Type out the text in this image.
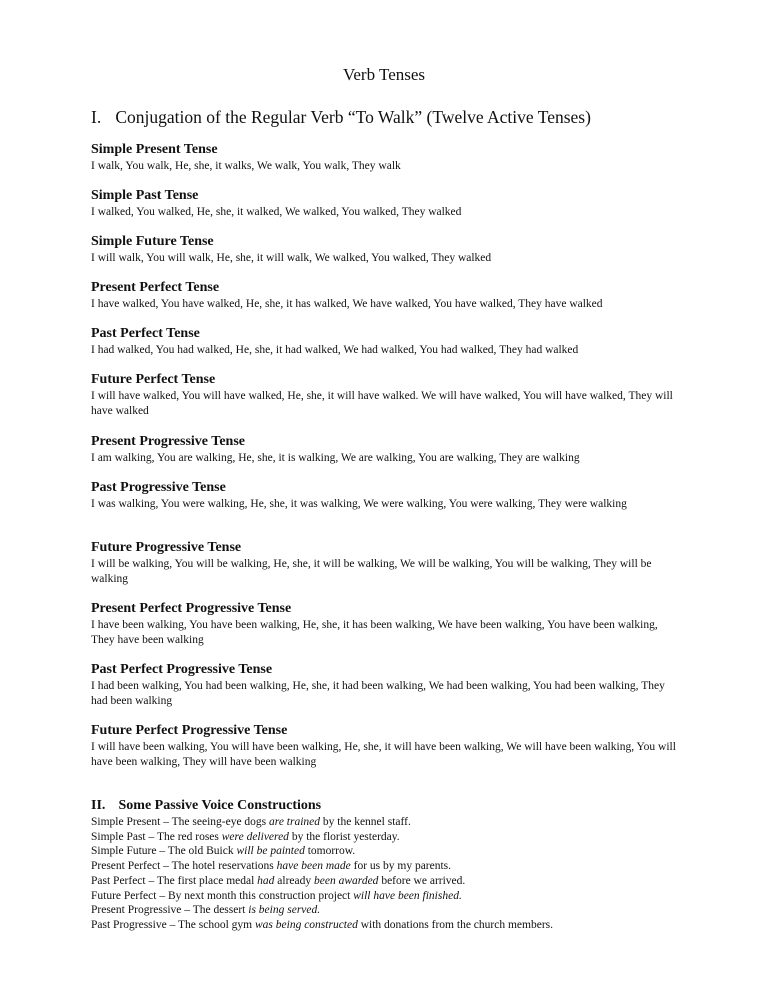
Verb Tenses
I. Conjugation of the Regular Verb “To Walk” (Twelve Active Tenses)
Simple Present Tense
I walk, You walk, He, she, it walks, We walk, You walk, They walk
Simple Past Tense
I walked, You walked, He, she, it walked, We walked, You walked, They walked
Simple Future Tense
I will walk, You will walk, He, she, it will walk, We walked, You walked, They walked
Present Perfect Tense
I have walked, You have walked, He, she, it has walked, We have walked, You have walked, They have walked
Past Perfect Tense
I had walked, You had walked, He, she, it had walked, We had walked, You had walked, They had walked
Future Perfect Tense
I will have walked, You will have walked, He, she, it will have walked. We will have walked, You will have walked, They will have walked
Present Progressive Tense
I am walking, You are walking, He, she, it is walking, We are walking, You are walking, They are walking
Past Progressive Tense
I was walking, You were walking, He, she, it was walking, We were walking, You were walking, They were walking
Future Progressive Tense
I will be walking, You will be walking, He, she, it will be walking, We will be walking, You will be walking, They will be walking
Present Perfect Progressive Tense
I have been walking, You have been walking, He, she, it has been walking, We have been walking, You have been walking, They have been walking
Past Perfect Progressive Tense
I had been walking, You had been walking, He, she, it had been walking, We had been walking, You had been walking, They had been walking
Future Perfect Progressive Tense
I will have been walking, You will have been walking, He, she, it will have been walking, We will have been walking, You will have been walking, They will have been walking
II. Some Passive Voice Constructions
Simple Present – The seeing-eye dogs are trained by the kennel staff.
Simple Past – The red roses were delivered by the florist yesterday.
Simple Future – The old Buick will be painted tomorrow.
Present Perfect – The hotel reservations have been made for us by my parents.
Past Perfect – The first place medal had already been awarded before we arrived.
Future Perfect – By next month this construction project will have been finished.
Present Progressive – The dessert is being served.
Past Progressive – The school gym was being constructed with donations from the church members.
